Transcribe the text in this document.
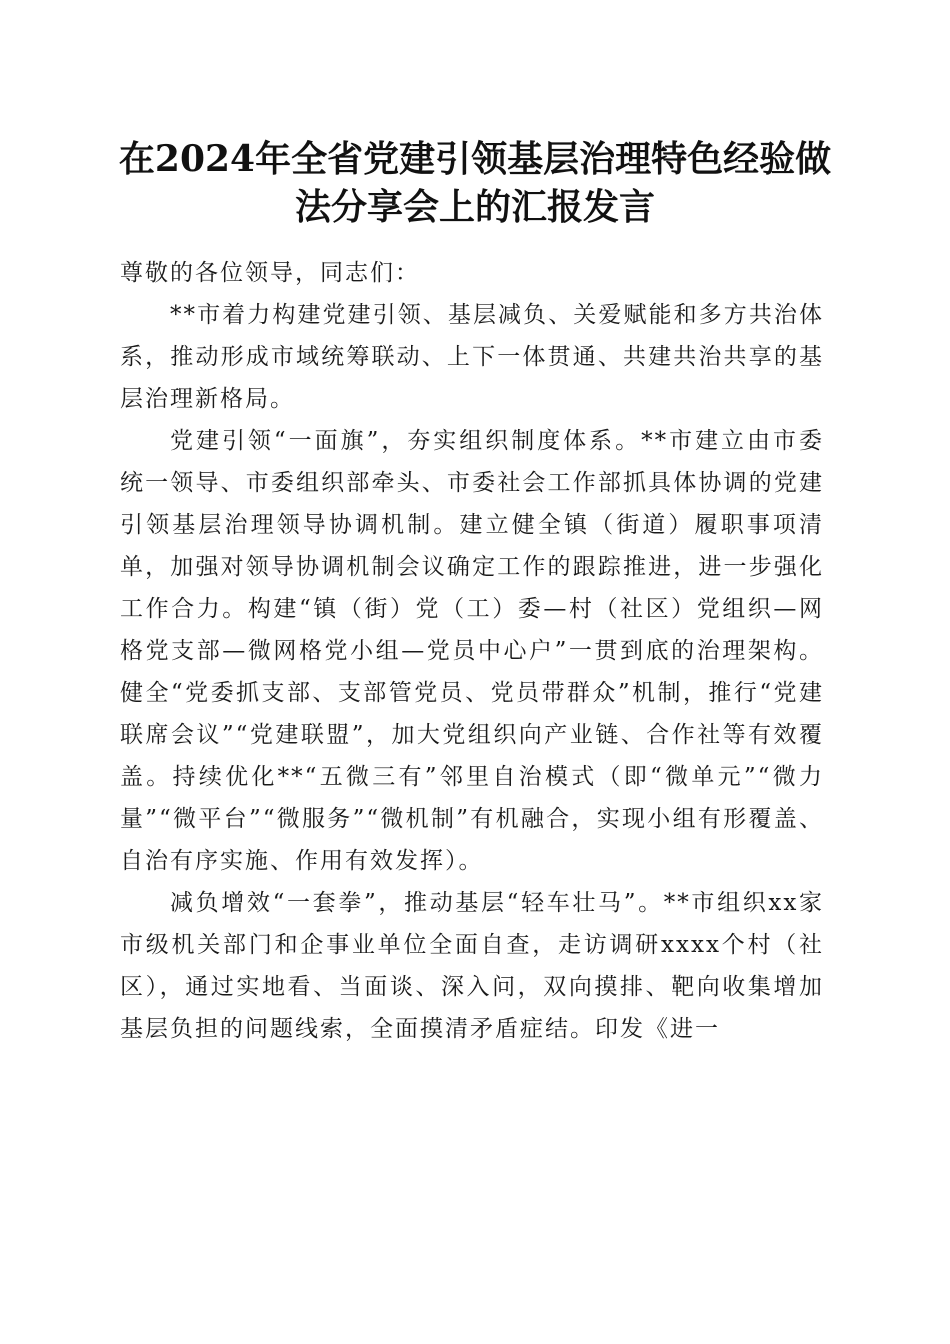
在2024年全省党建引领基层治理特色经验做
法分享会上的汇报发言

尊敬的各位领导，同志们：

**市着力构建党建引领、基层减负、关爱赋能和多方共治体系，推动形成市域统筹联动、上下一体贯通、共建共治共享的基层治理新格局。

党建引领“一面旗”，夯实组织制度体系。**市建立由市委统一领导、市委组织部牵头、市委社会工作部抓具体协调的党建引领基层治理领导协调机制。建立健全镇（街道）履职事项清单，加强对领导协调机制会议确定工作的跟踪推进，进一步强化工作合力。构建“镇（街）党（工）委—村（社区）党组织—网格党支部—微网格党小组—党员中心户”一贯到底的治理架构。健全“党委抓支部、支部管党员、党员带群众”机制，推行“党建联席会议”“党建联盟”，加大党组织向产业链、合作社等有效覆盖。持续优化**“五微三有”邻里自治模式（即“微单元”“微力量”“微平台”“微服务”“微机制”有机融合，实现小组有形覆盖、自治有序实施、作用有效发挥）。

减负增效“一套拳”，推动基层“轻车壮马”。**市组织xx家市级机关部门和企事业单位全面自查，走访调研xxxx个村（社区），通过实地看、当面谈、深入问，双向摸排、靶向收集增加基层负担的问题线索，全面摸清矛盾症结。印发《进一
